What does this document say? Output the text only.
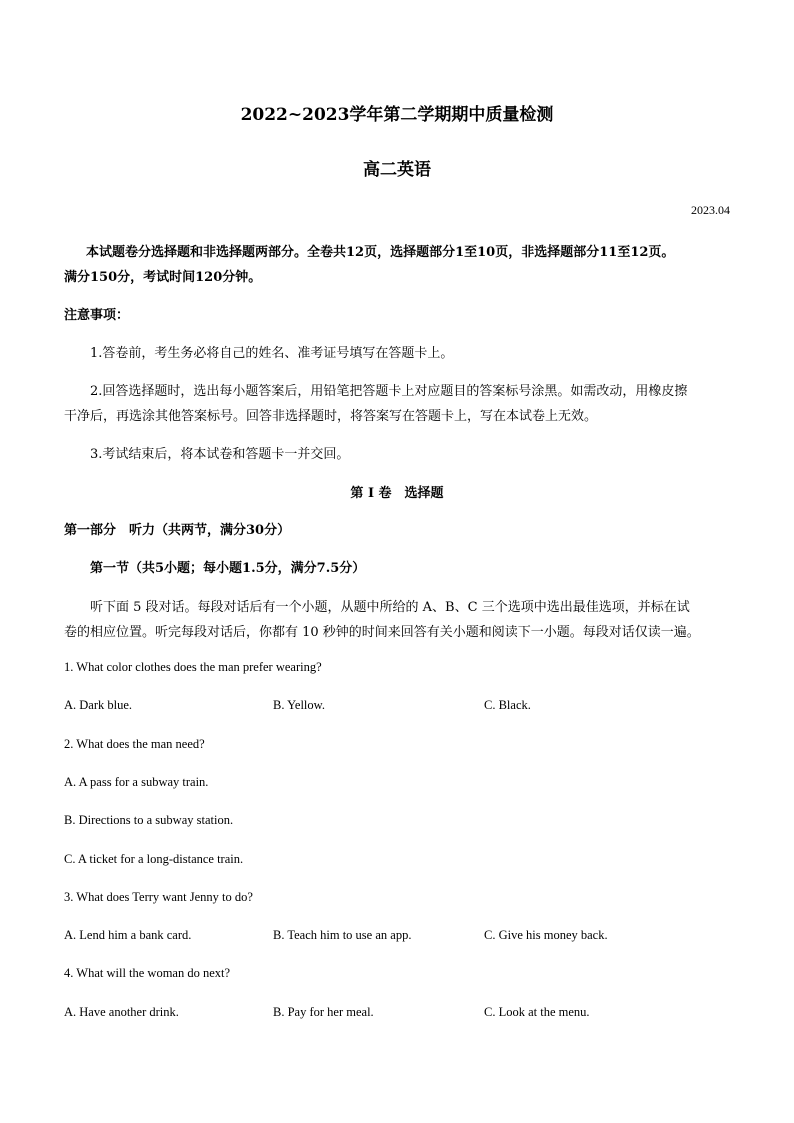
2022~2023学年第二学期期中质量检测
高二英语
2023.04
本试题卷分选择题和非选择题两部分。全卷共12页，选择题部分1至10页，非选择题部分11至12页。
满分150分，考试时间120分钟。
注意事项：
1.答卷前，考生务必将自己的姓名、准考证号填写在答题卡上。
2.回答选择题时，选出每小题答案后，用铅笔把答题卡上对应题目的答案标号涂黑。如需改动，用橡皮擦
干净后，再选涂其他答案标号。回答非选择题时，将答案写在答题卡上，写在本试卷上无效。
3.考试结束后，将本试卷和答题卡一并交回。
第 I 卷　选择题
第一部分　听力（共两节，满分30分）
第一节（共5小题；每小题1.5分，满分7.5分）
听下面 5 段对话。每段对话后有一个小题，从题中所给的 A、B、C 三个选项中选出最佳选项，并标在试
卷的相应位置。听完每段对话后，你都有 10 秒钟的时间来回答有关小题和阅读下一小题。每段对话仅读一遍。
1. What color clothes does the man prefer wearing?
A. Dark blue.	B. Yellow.	C. Black.
2. What does the man need?
A. A pass for a subway train.
B. Directions to a subway station.
C. A ticket for a long-distance train.
3. What does Terry want Jenny to do?
A. Lend him a bank card.	B. Teach him to use an app.	C. Give his money back.
4. What will the woman do next?
A. Have another drink.	B. Pay for her meal.	C. Look at the menu.
